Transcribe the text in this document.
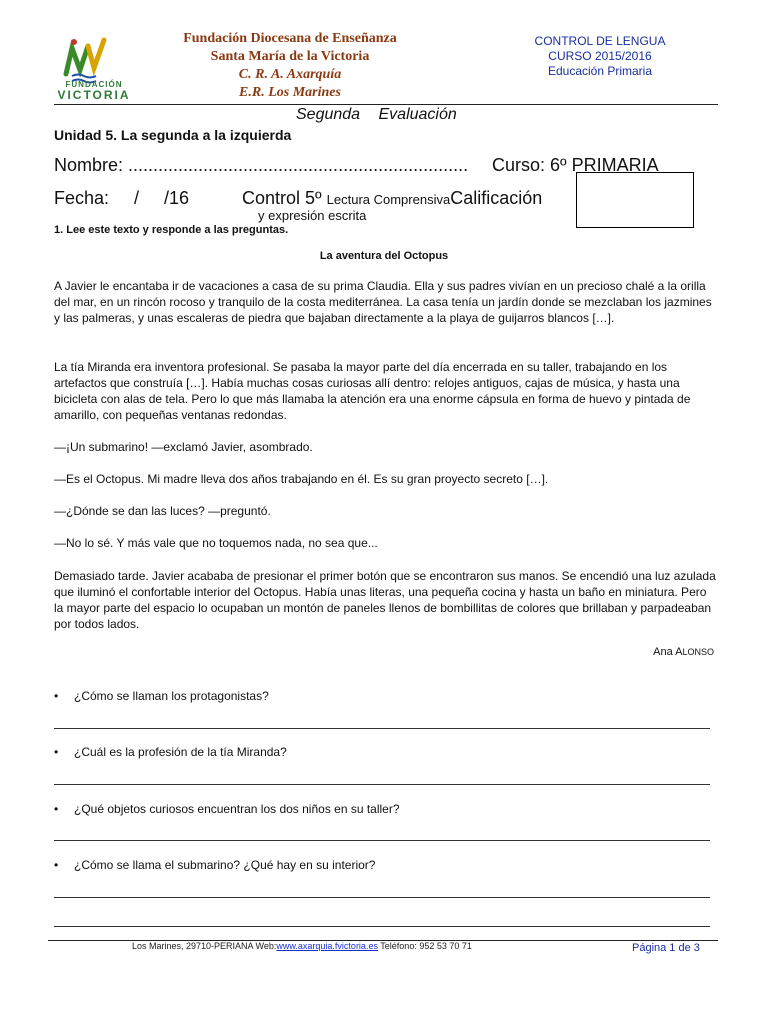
FUNDACIÓN
VICTORIA
Fundación Diocesana de Enseñanza
Santa María de la Victoria
C. R. A. Axarquía
E.R. Los Marines
CONTROL DE LENGUA
CURSO 2015/2016
Educación Primaria
Segunda Evaluación
Unidad 5. La segunda a la izquierda
Nombre: .................................................................... Curso: 6º PRIMARIA
Fecha:     /     /16	Control 5º Lectura ComprensivaCalificación
y expresión escrita
1. Lee este texto y responde a las preguntas.
La aventura del Octopus

A Javier le encantaba ir de vacaciones a casa de su prima Claudia. Ella y sus padres vivían en un precioso chalé a la orilla del mar, en un rincón rocoso y tranquilo de la costa mediterránea. La casa tenía un jardín donde se mezclaban los jazmines y las palmeras, y unas escaleras de piedra que bajaban directamente a la playa de guijarros blancos […].

La tía Miranda era inventora profesional. Se pasaba la mayor parte del día encerrada en su taller, trabajando en los artefactos que construía […]. Había muchas cosas curiosas allí dentro: relojes antiguos, cajas de música, y hasta una bicicleta con alas de tela. Pero lo que más llamaba la atención era una enorme cápsula en forma de huevo y pintada de amarillo, con pequeñas ventanas redondas.

—¡Un submarino! —exclamó Javier, asombrado.

—Es el Octopus. Mi madre lleva dos años trabajando en él. Es su gran proyecto secreto […].

—¿Dónde se dan las luces? —preguntó.

—No lo sé. Y más vale que no toquemos nada, no sea que...

Demasiado tarde. Javier acababa de presionar el primer botón que se encontraron sus manos. Se encendió una luz azulada que iluminó el confortable interior del Octopus. Había unas literas, una pequeña cocina y hasta un baño en miniatura. Pero la mayor parte del espacio lo ocupaban un montón de paneles llenos de bombillitas de colores que brillaban y parpadeaban por todos lados.

Ana ALONSO
• ¿Cómo se llaman los protagonistas?
• ¿Cuál es la profesión de la tía Miranda?
• ¿Qué objetos curiosos encuentran los dos niños en su taller?
• ¿Cómo se llama el submarino? ¿Qué hay en su interior?
Los Marines, 29710-PERIANA Web:www.axarquia.fvictoria.es Teléfono: 952 53 70 71	Página 1 de 3
